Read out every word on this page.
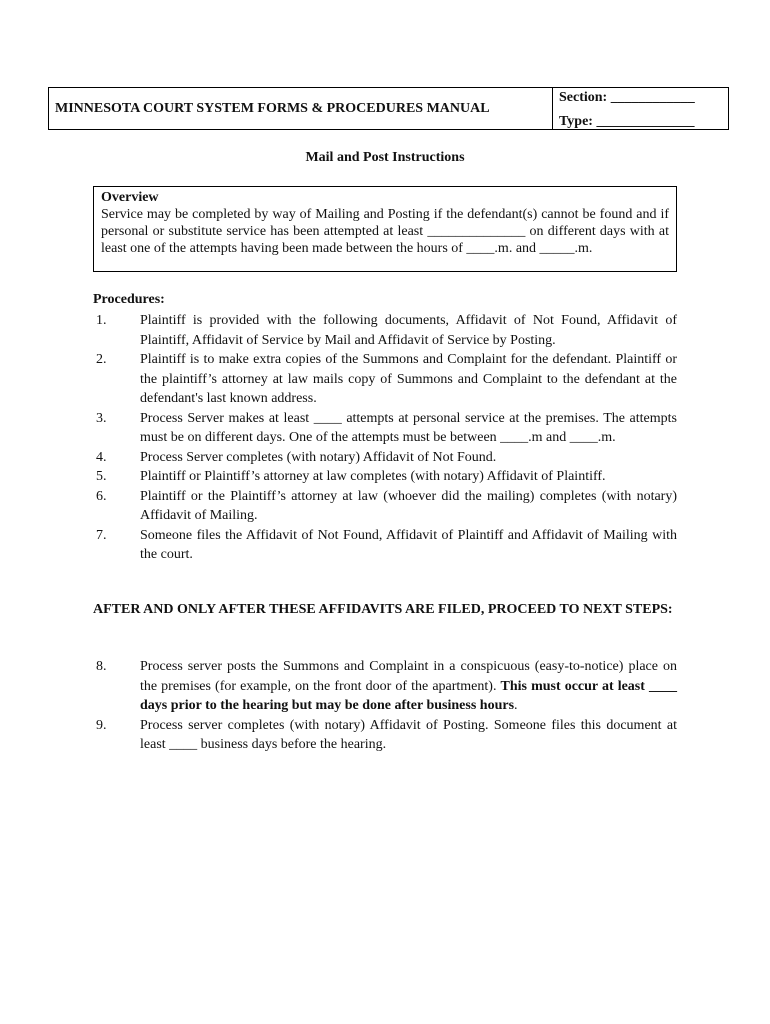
MINNESOTA COURT SYSTEM FORMS & PROCEDURES MANUAL
Section: ____________
Type: ______________
Mail and Post Instructions
Overview
Service may be completed by way of Mailing and Posting if the defendant(s) cannot be found and if personal or substitute service has been attempted at least ______________ on different days with at least one of the attempts having been made between the hours of ____.m. and _____.m.
Procedures:
1.	Plaintiff is provided with the following documents, Affidavit of Not Found, Affidavit of Plaintiff, Affidavit of Service by Mail and Affidavit of Service by Posting.
2.	Plaintiff is to make extra copies of the Summons and Complaint for the defendant. Plaintiff or the plaintiff’s attorney at law mails copy of Summons and Complaint to the defendant at the defendant's last known address.
3.	Process Server makes at least ____ attempts at personal service at the premises. The attempts must be on different days. One of the attempts must be between ____.m and ____.m.
4.	Process Server completes (with notary) Affidavit of Not Found.
5.	Plaintiff or Plaintiff’s attorney at law completes (with notary) Affidavit of Plaintiff.
6.	Plaintiff or the Plaintiff’s attorney at law (whoever did the mailing) completes (with notary) Affidavit of Mailing.
7.	Someone files the Affidavit of Not Found, Affidavit of Plaintiff and Affidavit of Mailing with the court.
AFTER AND ONLY AFTER THESE AFFIDAVITS ARE FILED, PROCEED TO NEXT STEPS:
8.	Process server posts the Summons and Complaint in a conspicuous (easy-to-notice) place on the premises (for example, on the front door of the apartment). This must occur at least ____ days prior to the hearing but may be done after business hours.
9.	Process server completes (with notary) Affidavit of Posting. Someone files this document at least ____ business days before the hearing.
